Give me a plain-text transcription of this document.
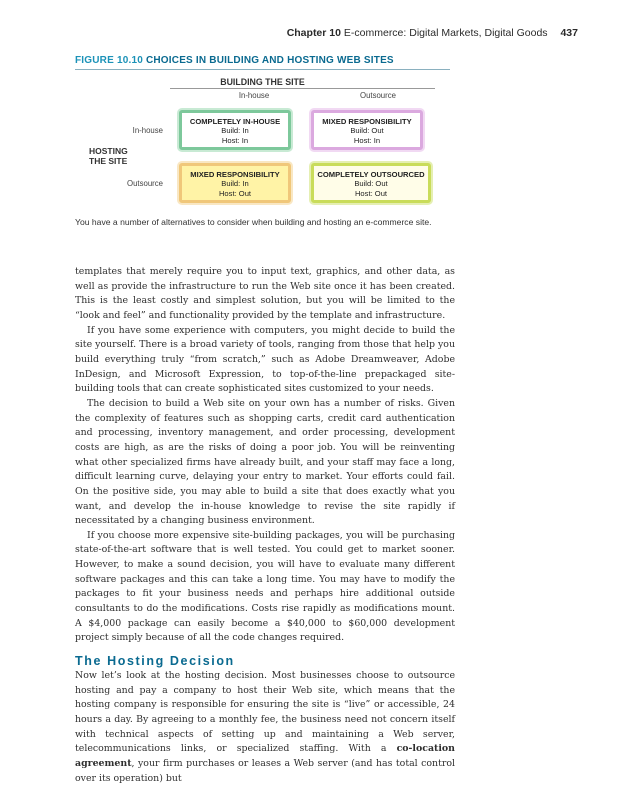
Chapter 10 E-commerce: Digital Markets, Digital Goods 437
FIGURE 10.10 CHOICES IN BUILDING AND HOSTING WEB SITES
BUILDING THE SITE
In-house	Outsource
In-house
Outsource
HOSTING
THE SITE
COMPLETELY IN-HOUSE
Build: In
Host: In
MIXED RESPONSIBILITY
Build: Out
Host: In
MIXED RESPONSIBILITY
Build: In
Host: Out
COMPLETELY OUTSOURCED
Build: Out
Host: Out
You have a number of alternatives to consider when building and hosting an e-commerce site.

templates that merely require you to input text, graphics, and other data, as well as provide the infrastructure to run the Web site once it has been created. This is the least costly and simplest solution, but you will be limited to the “look and feel” and functionality provided by the template and infrastructure.

If you have some experience with computers, you might decide to build the site yourself. There is a broad variety of tools, ranging from those that help you build everything truly “from scratch,” such as Adobe Dreamweaver, Adobe InDesign, and Microsoft Expression, to top-of-the-line prepackaged site-building tools that can create sophisticated sites customized to your needs.

The decision to build a Web site on your own has a number of risks. Given the complexity of features such as shopping carts, credit card authentication and processing, inventory management, and order processing, development costs are high, as are the risks of doing a poor job. You will be reinventing what other specialized firms have already built, and your staff may face a long, difficult learning curve, delaying your entry to market. Your efforts could fail. On the positive side, you may able to build a site that does exactly what you want, and develop the in-house knowledge to revise the site rapidly if necessitated by a changing business environment.

If you choose more expensive site-building packages, you will be purchasing state-of-the-art software that is well tested. You could get to market sooner. However, to make a sound decision, you will have to evaluate many different software packages and this can take a long time. You may have to modify the packages to fit your business needs and perhaps hire additional outside consultants to do the modifications. Costs rise rapidly as modifications mount. A $4,000 package can easily become a $40,000 to $60,000 development project simply because of all the code changes required.

The Hosting Decision

Now let’s look at the hosting decision. Most businesses choose to outsource hosting and pay a company to host their Web site, which means that the hosting company is responsible for ensuring the site is “live” or accessible, 24 hours a day. By agreeing to a monthly fee, the business need not concern itself with technical aspects of setting up and maintaining a Web server, telecommunications links, or specialized staffing. With a co-location agreement, your firm purchases or leases a Web server (and has total control over its operation) but
